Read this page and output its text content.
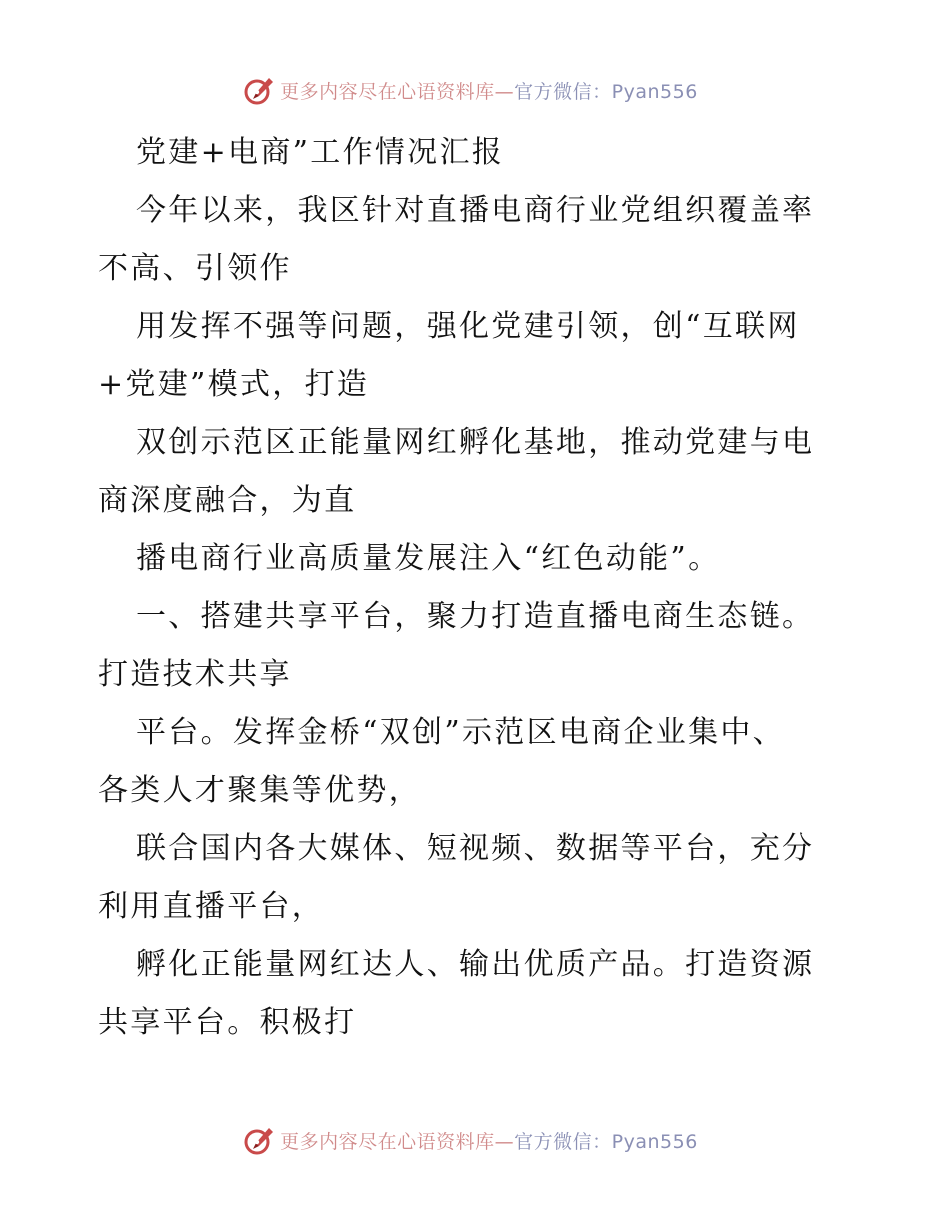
更多内容尽在心语资料库—官方微信：Pyan556
党建+电商”工作情况汇报
今年以来，我区针对直播电商行业党组织覆盖率
不高、引领作
用发挥不强等问题，强化党建引领，创“互联网
+党建”模式，打造
双创示范区正能量网红孵化基地，推动党建与电
商深度融合，为直
播电商行业高质量发展注入“红色动能”。
一、搭建共享平台，聚力打造直播电商生态链。
打造技术共享
平台。发挥金桥“双创”示范区电商企业集中、
各类人才聚集等优势，
联合国内各大媒体、短视频、数据等平台，充分
利用直播平台，
孵化正能量网红达人、输出优质产品。打造资源
共享平台。积极打
更多内容尽在心语资料库—官方微信：Pyan556
